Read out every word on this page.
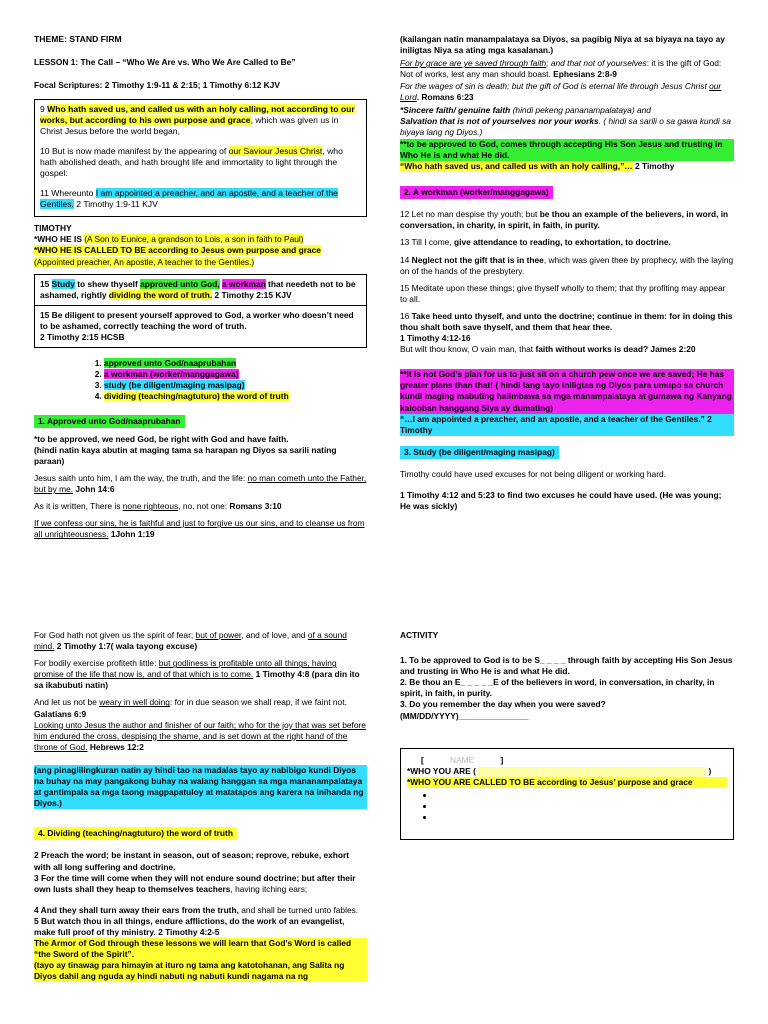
THEME: STAND FIRM

LESSON 1: The Call – “Who We Are vs. Who We Are Called to Be”

Focal Scriptures: 2 Timothy 1:9-11 & 2:15; 1 Timothy 6:12 KJV

9 Who hath saved us, and called us with an holy calling, not according to our works, but according to his own purpose and grace, which was given us in Christ Jesus before the world began,

10 But is now made manifest by the appearing of our Saviour Jesus Christ, who hath abolished death, and hath brought life and immortality to light through the gospel:

11 Whereunto I am appointed a preacher, and an apostle, and a teacher of the Gentiles. 2 Timothy 1:9-11 KJV

TIMOTHY
*WHO HE IS (A Son to Eunice, a grandson to Lois, a son in faith to Paul)
*WHO HE IS CALLED TO BE according to Jesus own purpose and grace
(Appointed preacher, An apostle, A teacher to the Gentiles.)
15 Study to shew thyself approved unto God, a workman that needeth not to be ashamed, rightly dividing the word of truth. 2 Timothy 2:15 KJV
15 Be diligent to present yourself approved to God, a worker who doesn’t need to be ashamed, correctly teaching the word of truth.
2 Timothy 2:15 HCSB
1. approved unto God/naaprubahan
2. a workman (worker/manggagawa)
3. study (be diligent/maging masipag)
4. dividing (teaching/nagtuturo) the word of truth
1. Approved unto God/naaprubahan
*to be approved, we need God, be right with God and have faith.

(hindi natin kaya abutin at maging tama sa harapan ng Diyos sa sarili nating paraan)

Jesus saith unto him, I am the way, the truth, and the life: no man cometh unto the Father, but by me. John 14:6

As it is written, There is none righteous, no, not one: Romans 3:10

If we confess our sins, he is faithful and just to forgive us our sins, and to cleanse us from all unrighteousness. 1John 1:19

(kailangan natin manampalataya sa Diyos, sa pagibig Niya at sa biyaya na tayo ay iniligtas Niya sa ating mga kasalanan.)

For by grace are ye saved through faith; and that not of yourselves: it is the gift of God: Not of works, lest any man should boast. Ephesians 2:8-9
For the wages of sin is death; but the gift of God is eternal life through Jesus Christ our Lord. Romans 6:23
*Sincere faith/ genuine faith (hindi pekeng pananampalataya) and
Salvation that is not of yourselves nor your works. ( hindi sa sarili o sa gawa kundi sa biyaya lang ng Diyos.)
**to be approved to God, comes through accepting His Son Jesus and trusting in Who He is and what He did.

“Who hath saved us, and called us with an holy calling,”… 2 Timothy

2. A workman (worker/manggagawa)

12 Let no man despise thy youth; but be thou an example of the believers, in word, in conversation, in charity, in spirit, in faith, in purity.

13 Till I come, give attendance to reading, to exhortation, to doctrine.

14 Neglect not the gift that is in thee, which was given thee by prophecy, with the laying on of the hands of the presbytery.

15 Meditate upon these things; give thyself wholly to them; that thy profiting may appear to all.

16 Take heed unto thyself, and unto the doctrine; continue in them: for in doing this thou shalt both save thyself, and them that hear thee.
1 Timothy 4:12-16

But wilt thou know, O vain man, that faith without works is dead? James 2:20

**It is not God’s plan for us to just sit on a church pew once we are saved; He has greater plans than that! ( hindi lang tayo iniligtas ng Diyos para umupo sa church kundi maging mabuting halimbawa sa mga manampalataya at gumawa ng Kanyang kalooban hanggang Siya ay dumating)

“…I am appointed a preacher, and an apostle, and a teacher of the Gentiles.” 2 Timothy

3. Study (be diligent/maging masipag)

Timothy could have used excuses for not being diligent or working hard.

1 Timothy 4:12 and 5:23 to find two excuses he could have used. (He was young; He was sickly)

For God hath not given us the spirit of fear; but of power, and of love, and of a sound mind. 2 Timothy 1:7( wala tayong excuse)

For bodily exercise profiteth little: but godliness is profitable unto all things, having promise of the life that now is, and of that which is to come. 1 Timothy 4:8 (para din ito sa ikabubuti natin)

And let us not be weary in well doing: for in due season we shall reap, if we faint not.
Galatians 6:9

Looking unto Jesus the author and finisher of our faith; who for the joy that was set before him endured the cross, despising the shame, and is set down at the right hand of the throne of God. Hebrews 12:2

(ang pinaglilingkuran natin ay hindi tao na madalas tayo ay nabibigo kundi Diyos na buhay na may pangakong buhay na walang hanggan sa mga mananampalataya at gantimpala sa mga taong magpapatuloy at matatapos ang karera na inihanda ng Diyos.)

4. Dividing (teaching/nagtuturo) the word of truth
2 Preach the word; be instant in season, out of season; reprove, rebuke, exhort with all long suffering and doctrine.

3 For the time will come when they will not endure sound doctrine; but after their own lusts shall they heap to themselves teachers, having itching ears;

4 And they shall turn away their ears from the truth, and shall be turned unto fables.
5 But watch thou in all things, endure afflictions, do the work of an evangelist, make full proof of thy ministry. 2 Timothy 4:2-5
The Armor of God through these lessons we will learn that God’s Word is called “the Sword of the Spirit”.
(tayo ay tinawag para himayin at ituro ng tama ang katotohanan, ang Salita ng Diyos dahil ang nguda ay hindi nabuti ng nabuti kundi nagama na ng

ACTIVITY

1. To be approved to God is to be S_ _ _ _ through faith by accepting His Son Jesus and trusting in Who He is and what He did.
2. Be thou an E_ _ _ _ _E of the believers in word, in conversation, in charity, in spirit, in faith, in purity.
3. Do you remember the day when you were saved?
(MM/DD/YYYY)_______________
[	NAME	]
*WHO YOU ARE (	)
*WHO YOU ARE CALLED TO BE according to Jesus’ purpose and grace
•
•
•
